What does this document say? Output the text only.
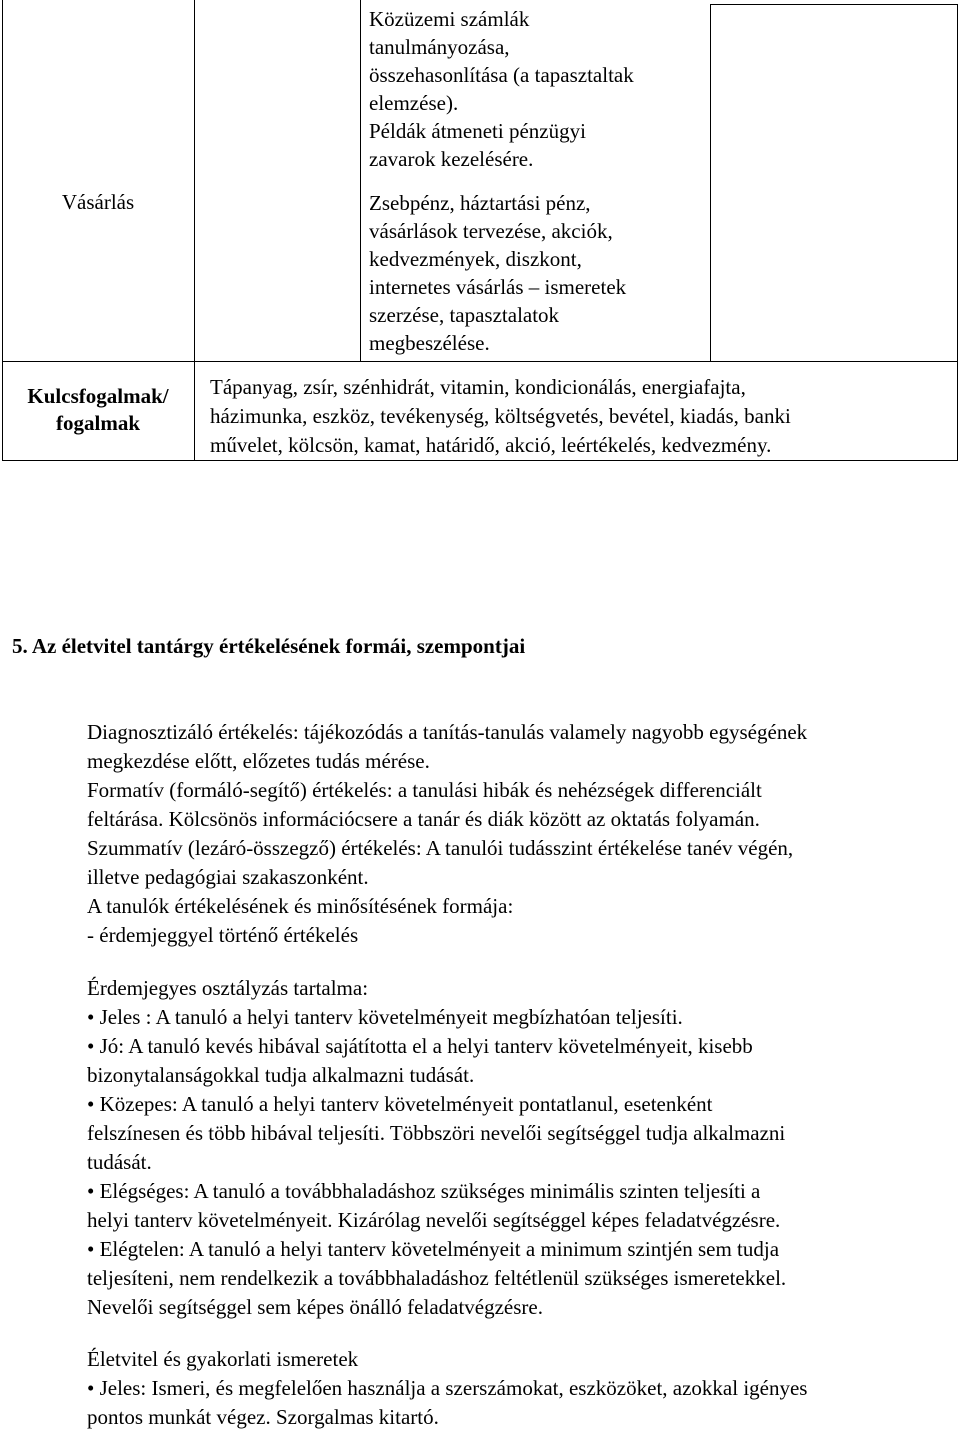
Vásárlás
Közüzemi számlák
tanulmányozása,
összehasonlítása (a tapasztaltak
elemzése).
Példák átmeneti pénzügyi
zavarok kezelésére.
Zsebpénz, háztartási pénz,
vásárlások tervezése, akciók,
kedvezmények, diszkont,
internetes vásárlás – ismeretek
szerzése, tapasztalatok
megbeszélése.
Kulcsfogalmak/
fogalmak
Tápanyag, zsír, szénhidrát, vitamin, kondicionálás, energiafajta,
házimunka, eszköz, tevékenység, költségvetés, bevétel, kiadás, banki
művelet, kölcsön, kamat, határidő, akció, leértékelés, kedvezmény.
5. Az életvitel tantárgy értékelésének formái, szempontjai
Diagnosztizáló értékelés: tájékozódás a tanítás-tanulás valamely nagyobb egységének
megkezdése előtt, előzetes tudás mérése.
Formatív (formáló-segítő) értékelés: a tanulási hibák és nehézségek differenciált
feltárása. Kölcsönös információcsere a tanár és diák között az oktatás folyamán.
Szummatív (lezáró-összegző) értékelés: A tanulói tudásszint értékelése tanév végén,
illetve pedagógiai szakaszonként.
A tanulók értékelésének és minősítésének formája:
- érdemjeggyel történő értékelés
Érdemjegyes osztályzás tartalma:
• Jeles : A tanuló a helyi tanterv követelményeit megbízhatóan teljesíti.
• Jó: A tanuló kevés hibával sajátította el a helyi tanterv követelményeit, kisebb
bizonytalanságokkal tudja alkalmazni tudását.
• Közepes: A tanuló a helyi tanterv követelményeit pontatlanul, esetenként
felszínesen és több hibával teljesíti. Többszöri nevelői segítséggel tudja alkalmazni
tudását.
• Elégséges: A tanuló a továbbhaladáshoz szükséges minimális szinten teljesíti a
helyi tanterv követelményeit. Kizárólag nevelői segítséggel képes feladatvégzésre.
• Elégtelen: A tanuló a helyi tanterv követelményeit a minimum szintjén sem tudja
teljesíteni, nem rendelkezik a továbbhaladáshoz feltétlenül szükséges ismeretekkel.
Nevelői segítséggel sem képes önálló feladatvégzésre.
Életvitel és gyakorlati ismeretek
• Jeles: Ismeri, és megfelelően használja a szerszámokat, eszközöket, azokkal igényes
pontos munkát végez. Szorgalmas kitartó.
